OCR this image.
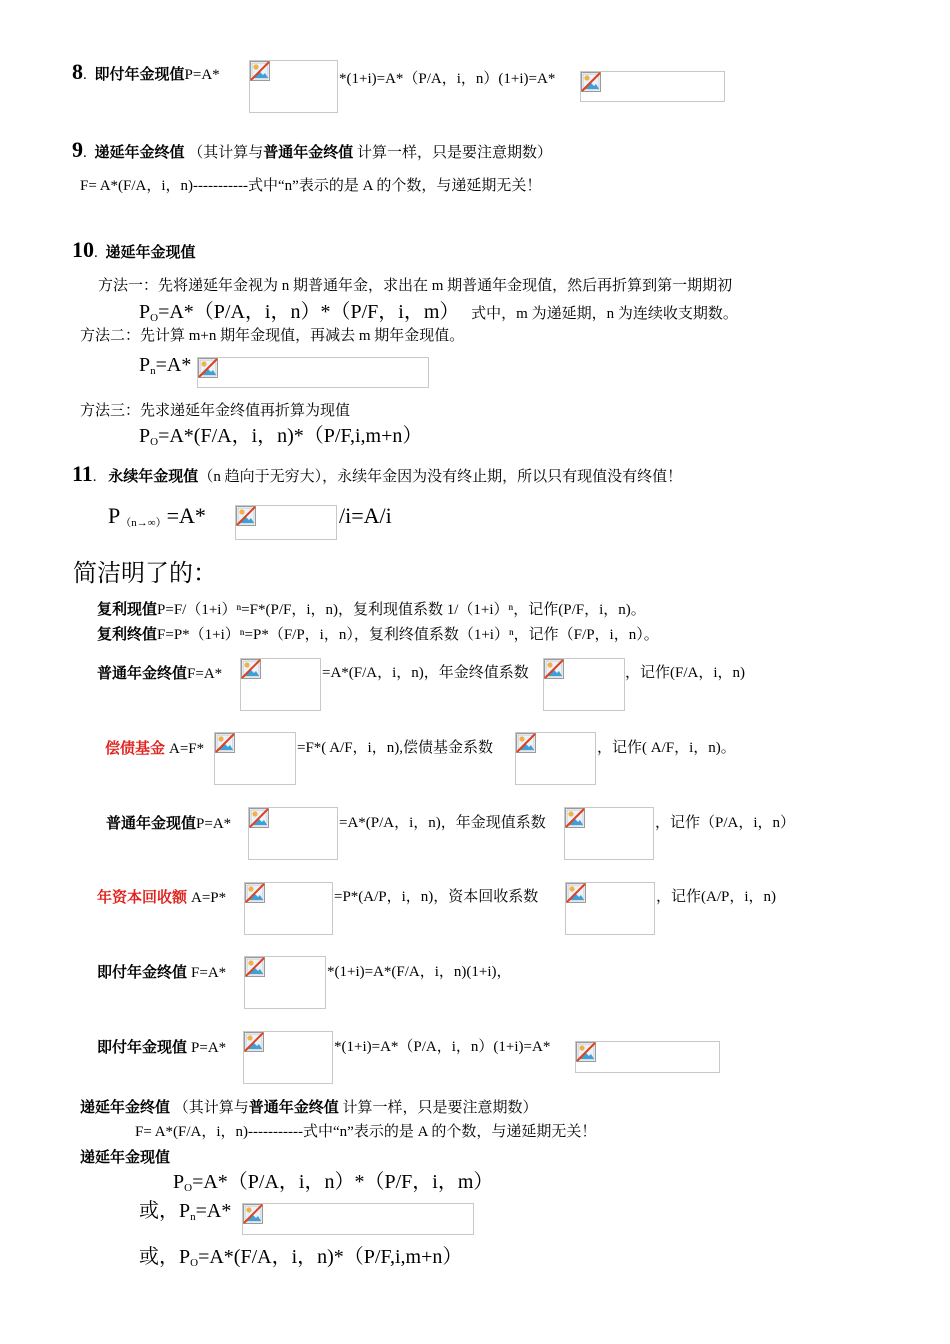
8. 即付年金现值P=A*	*(1+i)=A*（P/A，i，n）(1+i)=A*
9. 递延年金终值 （其计算与普通年金终值 计算一样，只是要注意期数）
F= A*(F/A，i，n)-----------式中“n”表示的是 A 的个数，与递延期无关！
10. 递延年金现值
方法一：先将递延年金视为 n 期普通年金，求出在 m 期普通年金现值，然后再折算到第一期期初
$P_O=A*(P/A$，i，n）*（P/F，i，m） 式中，m 为递延期，n 为连续收支期数。
方法二：先计算 m+n 期年金现值，再减去 m 期年金现值。
$P_n=A*$
方法三：先求递延年金终值再折算为现值
$P_O=A*(F/A$，i，n)*（P/F,i,m+n）
11. 永续年金现值（n 趋向于无穷大），永续年金因为没有终止期，所以只有现值没有终值！
$P_{(n\to\infty)}=A*$	/i=A/i
简洁明了的：
复利现值P=F/（1+i）ⁿ=F*(P/F，i，n)，复利现值系数 1/（1+i）ⁿ，记作(P/F，i，n)。
复利终值F=P*（1+i）ⁿ=P*（F/P，i，n），复利终值系数（1+i）ⁿ，记作（F/P，i，n）。
普通年金终值F=A*	=A*(F/A，i，n)，年金终值系数	，记作(F/A，i，n)
偿债基金 A=F*	=F*( A/F，i，n),偿债基金系数	，记作( A/F，i，n)。
普通年金现值P=A*	=A*(P/A，i，n)，年金现值系数	，记作（P/A，i，n）
年资本回收额 A=P*	=P*(A/P，i，n)，资本回收系数	，记作(A/P，i，n)
即付年金终值 F=A*	*(1+i)=A*(F/A，i，n)(1+i)，
即付年金现值 P=A*	*(1+i)=A*（P/A，i，n）(1+i)=A*
递延年金终值 （其计算与普通年金终值 计算一样，只是要注意期数）
F= A*(F/A，i，n)-----------式中“n”表示的是 A 的个数，与递延期无关！
递延年金现值
$P_O=A*(P/A$，i，n）*（P/F，i，m）
或，$P_n=A*$
或，$P_O=A*(F/A$，i，n)*（P/F,i,m+n）
